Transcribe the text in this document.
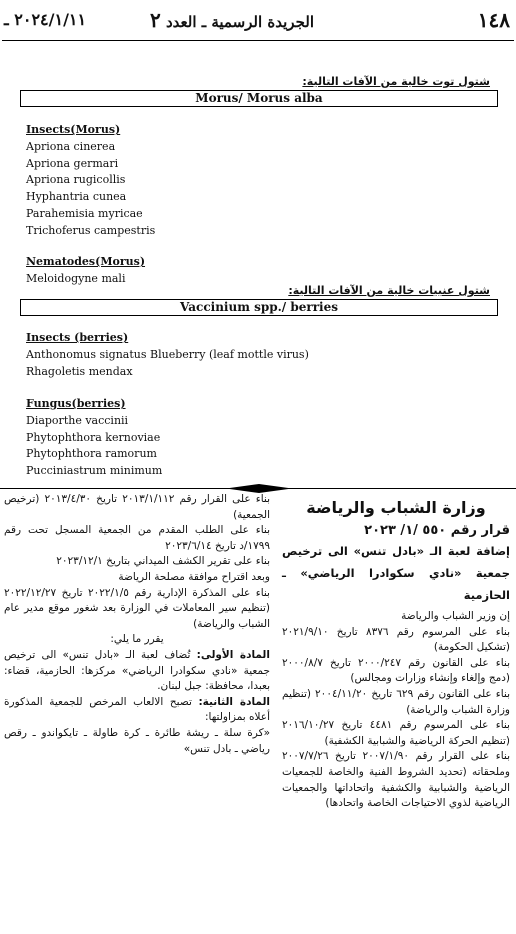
٢٠٢٤/١/١١ ـ	الجريدة الرسمية ـ العدد ٢	١٤٨
شتول توت خالية من الآفات التالية:
Morus/ Morus alba
Insects(Morus)
Apriona cinerea
Apriona germari
Apriona rugicollis
Hyphantria cunea
Parahemisia myricae
Trichoferus campestris
Nematodes(Morus)
Meloidogyne mali
شتول عنبيات خالية من الآفات التالية:
Vaccinium spp./ berries
Insects (berries)
Anthonomus signatus Blueberry (leaf mottle virus)
Rhagoletis mendax
Fungus(berries)
Diaporthe vaccinii
Phytophthora kernoviae
Phytophthora ramorum
Pucciniastrum minimum

وزارة الشباب والرياضة

قرار رقم ٥٥٠ /١/ ٢٠٢٣

إضافة لعبة الـ «بادل تنس» الى ترخيص جمعية «نادي سكوادرا الرياضي» ـ الحازمية

إن وزير الشباب والرياضة

بناء على المرسوم رقم ٨٣٧٦ تاريخ ٢٠٢١/٩/١٠ (تشكيل الحكومة)

بناء على القانون رقم ٢٠٠٠/٢٤٧ تاريخ ٢٠٠٠/٨/٧ (دمج وإلغاء وإنشاء وزارات ومجالس)

بناء على القانون رقم ٦٢٩ تاريخ ٢٠٠٤/١١/٢٠ (تنظيم وزارة الشباب والرياضة)

بناء على المرسوم رقم ٤٤٨١ تاريخ ٢٠١٦/١٠/٢٧ (تنظيم الحركة الرياضية والشبابية الكشفية)

بناء على القرار رقم ٢٠٠٧/١/٩٠ تاريخ ٢٠٠٧/٧/٢٦ وملحقاته (تحديد الشروط الفنية والخاصة للجمعيات الرياضية والشبابية والكشفية واتحاداتها والجمعيات الرياضية لذوي الاحتياجات الخاصة واتحادها)

بناء على القرار رقم ٢٠١٣/١/١١٢ تاريخ ٢٠١٣/٤/٣٠ (ترخيص الجمعية)

بناء على الطلب المقدم من الجمعية المسجل تحت رقم ١٧٩٩/د تاريخ ٢٠٢٣/٦/١٤

بناء على تقرير الكشف الميداني بتاريخ ٢٠٢٣/١٢/١

وبعد اقتراح موافقة مصلحة الرياضة

بناء على المذكرة الإدارية رقم ٢٠٢٢/١/٥ تاريخ ٢٠٢٢/١٢/٢٧ (تنظيم سير المعاملات في الوزارة بعد شغور موقع مدير عام الشباب والرياضة)

يقرر ما يلي:

المادة الأولى: تُضاف لعبة الـ «بادل تنس» الى ترخيص جمعية «نادي سكوادرا الرياضي» مركزها: الحازمية، قضاء: بعبدا، محافظة: جبل لبنان.

المادة الثانية: تصبح الالعاب المرخص للجمعية المذكورة أعلاه بمزاولتها:

«كرة سلة ـ ريشة طائرة ـ كرة طاولة ـ تايكواندو ـ رقص رياضي ـ بادل تنس»
